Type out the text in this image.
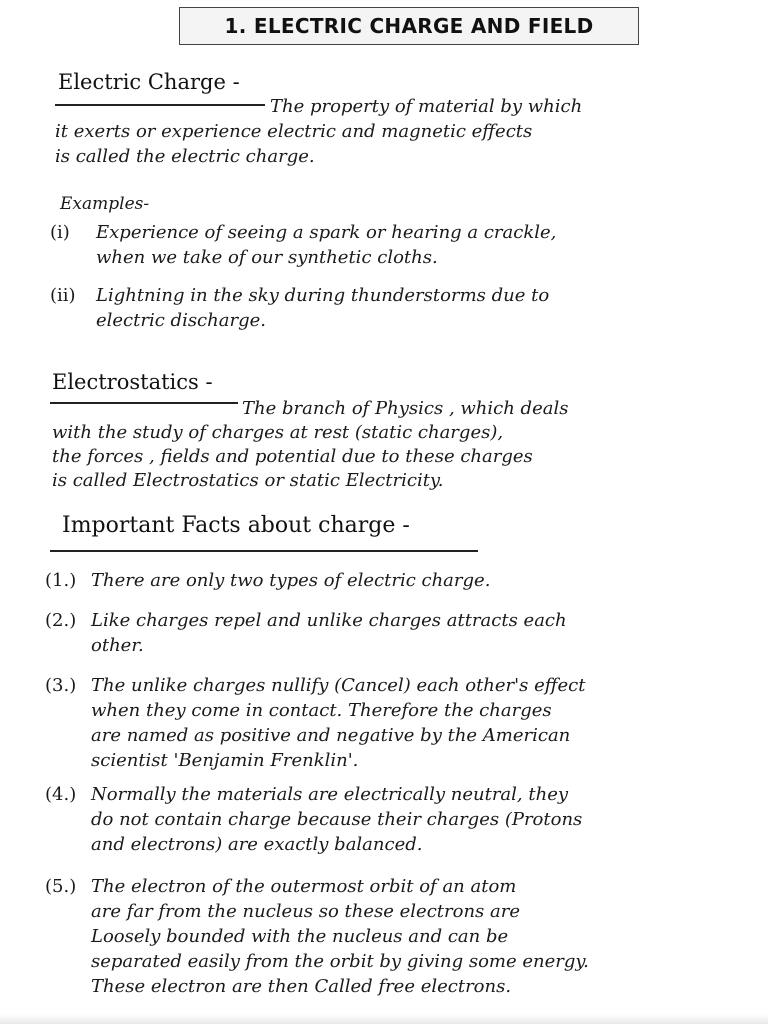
1. ELECTRIC CHARGE AND FIELD
Electric Charge -
The property of material by which
it exerts or experience electric and magnetic effects
is called the electric charge.
Examples-
(i) Experience of seeing a spark or hearing a crackle,
when we take of our synthetic cloths.
(ii) Lightning in the sky during thunderstorms due to
electric discharge.
Electrostatics -
The branch of Physics , which deals
with the study of charges at rest (static charges),
the forces , fields and potential due to these charges
is called Electrostatics or static Electricity.
Important Facts about charge -
(1.) There are only two types of electric charge.
(2.) Like charges repel and unlike charges attracts each
other.
(3.) The unlike charges nullify (Cancel) each other's effect
when they come in contact. Therefore the charges
are named as positive and negative by the American
scientist 'Benjamin Frenklin'.
(4.) Normally the materials are electrically neutral, they
do not contain charge because their charges (Protons
and electrons) are exactly balanced.
(5.) The electron of the outermost orbit of an atom
are far from the nucleus so these electrons are
Loosely bounded with the nucleus and can be
separated easily from the orbit by giving some energy.
These electron are then Called free electrons.
